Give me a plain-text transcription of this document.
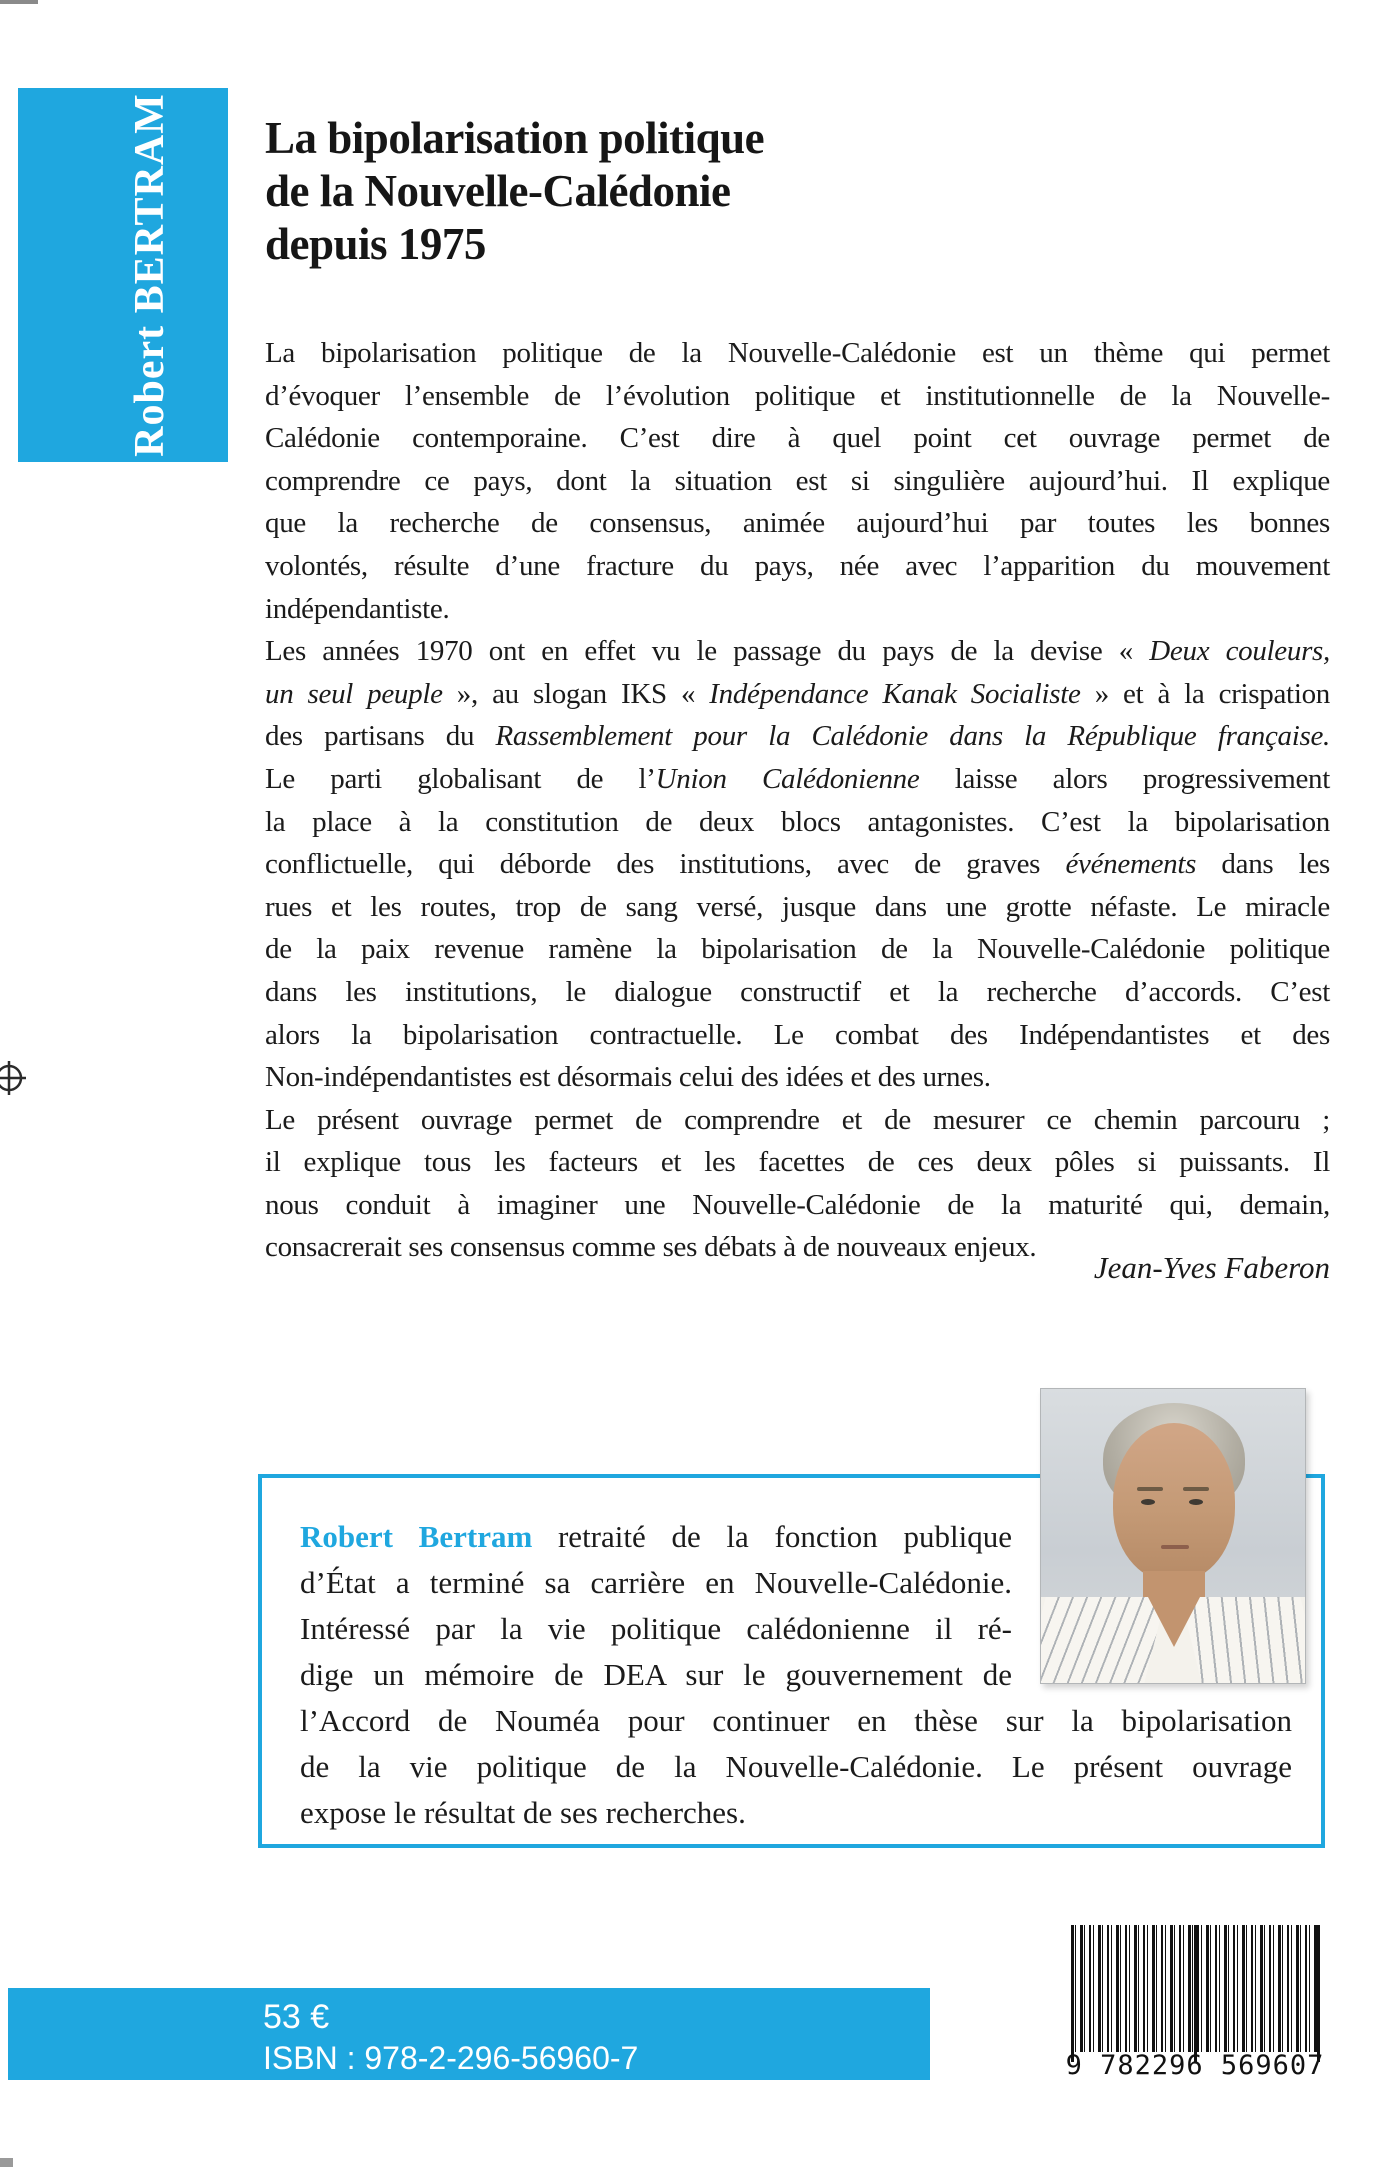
Robert BERTRAM La bipolarisation politique
de la Nouvelle-Calédonie
depuis 1975
La bipolarisation politique de la Nouvelle-Calédonie est un thème qui permet
d’évoquer l’ensemble de l’évolution politique et institutionnelle de la Nouvelle-
Calédonie contemporaine. C’est dire à quel point cet ouvrage permet de
comprendre ce pays, dont la situation est si singulière aujourd’hui. Il explique
que la recherche de consensus, animée aujourd’hui par toutes les bonnes
volontés, résulte d’une fracture du pays, née avec l’apparition du mouvement
indépendantiste.
Les années 1970 ont en effet vu le passage du pays de la devise « Deux couleurs,
un seul peuple », au slogan IKS « Indépendance Kanak Socialiste » et à la crispation
des partisans du Rassemblement pour la Calédonie dans la République française.
Le parti globalisant de l’Union Calédonienne laisse alors progressivement
la place à la constitution de deux blocs antagonistes. C’est la bipolarisation
conflictuelle, qui déborde des institutions, avec de graves événements dans les
rues et les routes, trop de sang versé, jusque dans une grotte néfaste. Le miracle
de la paix revenue ramène la bipolarisation de la Nouvelle-Calédonie politique
dans les institutions, le dialogue constructif et la recherche d’accords. C’est
alors la bipolarisation contractuelle. Le combat des Indépendantistes et des
Non-indépendantistes est désormais celui des idées et des urnes.
Le présent ouvrage permet de comprendre et de mesurer ce chemin parcouru ;
il explique tous les facteurs et les facettes de ces deux pôles si puissants. Il
nous conduit à imaginer une Nouvelle-Calédonie de la maturité qui, demain,
consacrerait ses consensus comme ses débats à de nouveaux enjeux.
Jean-Yves Faberon
Robert Bertram retraité de la fonction publique
d’État a terminé sa carrière en Nouvelle-Calédonie.
Intéressé par la vie politique calédonienne il ré-
dige un mémoire de DEA sur le gouvernement de
l’Accord de Nouméa pour continuer en thèse sur la bipolarisation
de la vie politique de la Nouvelle-Calédonie. Le présent ouvrage
expose le résultat de ses recherches.
53 €
ISBN : 978-2-296-56960-7	9 782296 569607
